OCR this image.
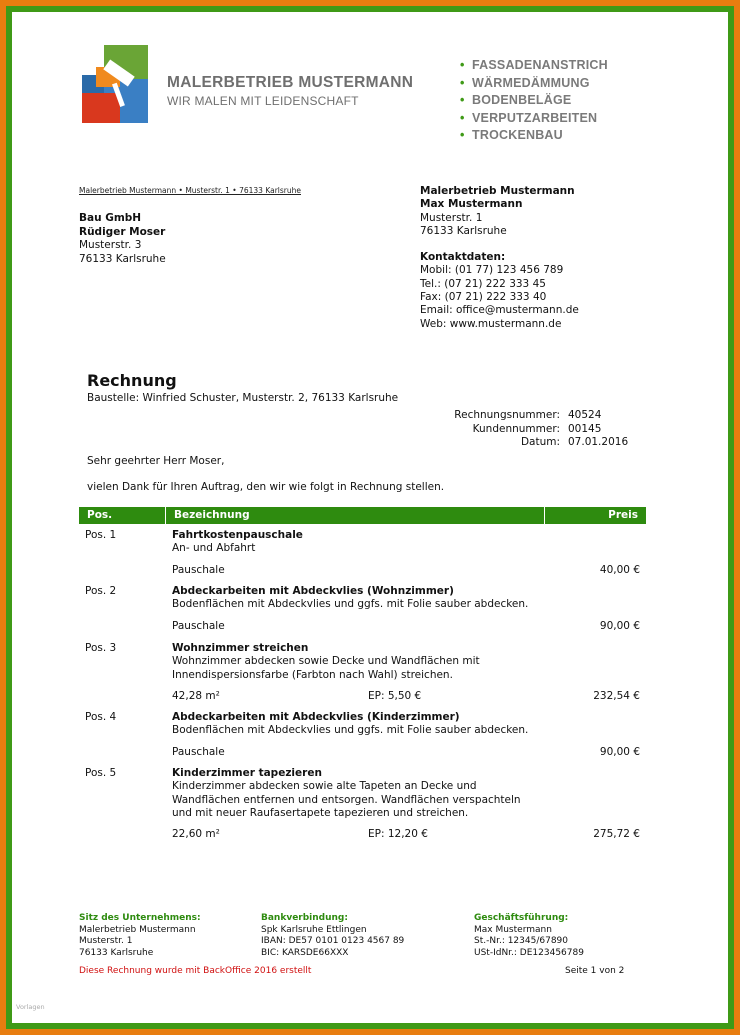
MALERBETRIEB MUSTERMANN
WIR MALEN MIT LEIDENSCHAFT
• FASSADENANSTRICH
• WÄRMEDÄMMUNG
• BODENBELÄGE
• VERPUTZARBEITEN
• TROCKENBAU
Malerbetrieb Mustermann • Musterstr. 1 • 76133 Karlsruhe
Bau GmbH
Rüdiger Moser
Musterstr. 3
76133 Karlsruhe
Malerbetrieb Mustermann
Max Mustermann
Musterstr. 1
76133 Karlsruhe
Kontaktdaten:
Mobil: (01 77) 123 456 789
Tel.: (07 21) 222 333 45
Fax: (07 21) 222 333 40
Email: office@mustermann.de
Web: www.mustermann.de
Rechnung
Baustelle: Winfried Schuster, Musterstr. 2, 76133 Karlsruhe
Rechnungsnummer: 40524
Kundennummer: 00145
Datum: 07.01.2016
Sehr geehrter Herr Moser,
vielen Dank für Ihren Auftrag, den wir wie folgt in Rechnung stellen.
Pos.	Bezeichnung	Preis
Pos. 1	Fahrtkostenpauschale
An- und Abfahrt
Pauschale	40,00 €
Pos. 2	Abdeckarbeiten mit Abdeckvlies (Wohnzimmer)
Bodenflächen mit Abdeckvlies und ggfs. mit Folie sauber abdecken.
Pauschale	90,00 €
Pos. 3	Wohnzimmer streichen
Wohnzimmer abdecken sowie Decke und Wandflächen mit
Innendispersionsfarbe (Farbton nach Wahl) streichen.
42,28 m²	EP: 5,50 €	232,54 €
Pos. 4	Abdeckarbeiten mit Abdeckvlies (Kinderzimmer)
Bodenflächen mit Abdeckvlies und ggfs. mit Folie sauber abdecken.
Pauschale	90,00 €
Pos. 5	Kinderzimmer tapezieren
Kinderzimmer abdecken sowie alte Tapeten an Decke und
Wandflächen entfernen und entsorgen. Wandflächen verspachteln
und mit neuer Raufasertapete tapezieren und streichen.
22,60 m²	EP: 12,20 €	275,72 €
Sitz des Unternehmens:
Malerbetrieb Mustermann
Musterstr. 1
76133 Karlsruhe
Bankverbindung:
Spk Karlsruhe Ettlingen
IBAN: DE57 0101 0123 4567 89
BIC: KARSDE66XXX
Geschäftsführung:
Max Mustermann
St.-Nr.: 12345/67890
USt-IdNr.: DE123456789
Diese Rechnung wurde mit BackOffice 2016 erstellt	Seite 1 von 2
Vorlagen
